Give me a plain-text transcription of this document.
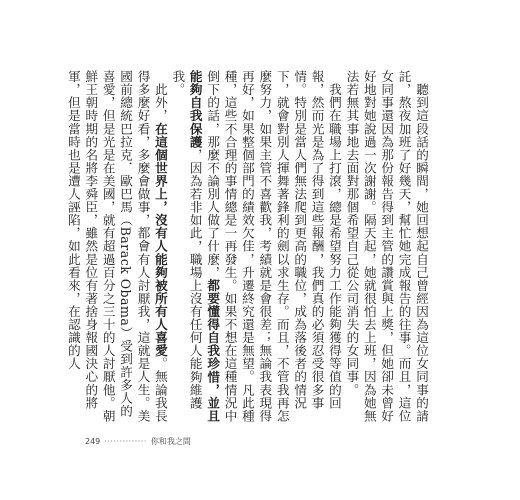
　聽到這段話的瞬間，她回想起自己曾經因為這位女同事的請託，熬夜加班了好幾天，幫忙她完成報告的往事。而且，這位女同事還因為那份報告得到主管的讚賞與上獎，但她卻未曾好好地對她說過一次謝謝。隔天起，她就很怕去上班，因為她無法若無其事地去面對那個希望自己從公司消失的女同事。

　我們在職場上打滾，總是希望努力工作能夠獲得等值的回報，然而光是為了得到這些報酬，我們真的必須忍受很多事情。特別是當人們無法爬到更高的職位，成為落後者的情況下，就會對別人揮舞著鋒利的劍以求生存。而且，不管我再怎麼努力，如果主管不喜歡我，考績就是會很差；無論我表現得再好，如果整個部門的績效欠佳，升遷終究還是無望。凡此種種，這些不合理的事情總是一再發生。如果不想在這種情況中倒下的話，那麼不論別人做了什麼，都要懂得自我珍惜，並且能夠自我保護，因為若非如此，職場上沒有任何人能夠維護我。

　此外，在這個世界上，沒有人能夠被所有人喜愛。無論我長得多麼好看，多麼會做事，都會有人討厭我，這就是人生。美國前總統巴拉克．歐巴馬（Barack Obama）受到許多人的喜愛，但是光是在美國，就有超過百分之三十的人討厭他。朝鮮王朝時期的名將李舜臣，雖然是位有著捨身報國決心的將軍，但是當時也是遭人誣陷，如此看來，在認識的人

249 ·············· 你和我之間
